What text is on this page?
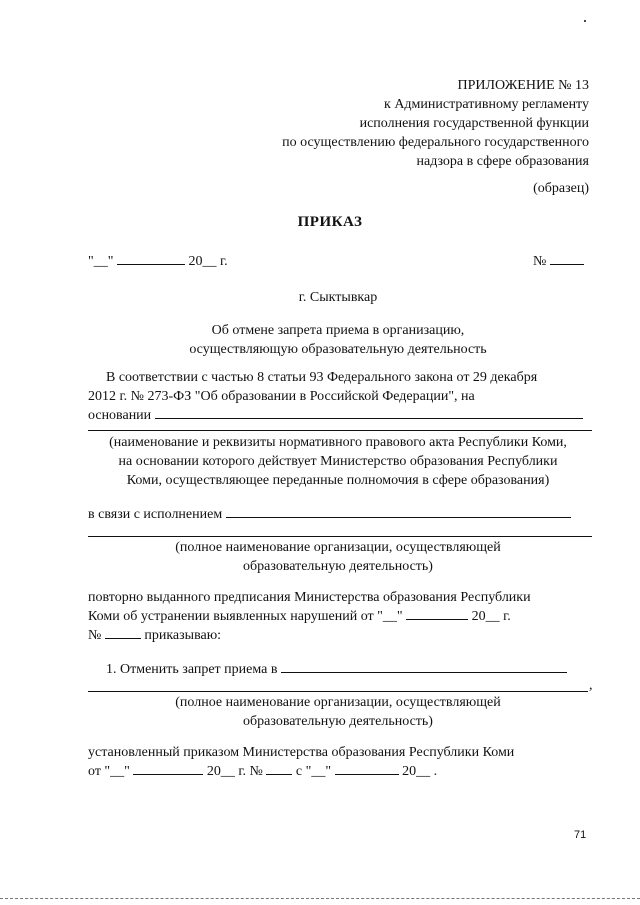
ПРИЛОЖЕНИЕ № 13
к Административному регламенту
исполнения государственной функции
по осуществлению федерального государственного
надзора в сфере образования
(образец)
ПРИКАЗ
"__"	20__ г.	№
г. Сыктывкар
Об отмене запрета приема в организацию,
осуществляющую образовательную деятельность
В соответствии с частью 8 статьи 93 Федерального закона от 29 декабря
2012 г. № 273-ФЗ "Об образовании в Российской Федерации", на
основании
(наименование и реквизиты нормативного правового акта Республики Коми,
на основании которого действует Министерство образования Республики
Коми, осуществляющее переданные полномочия в сфере образования)
в связи с исполнением
(полное наименование организации, осуществляющей
образовательную деятельность)
повторно выданного предписания Министерства образования Республики
Коми об устранении выявленных нарушений от "__"	20__ г.
№	приказываю:
1. Отменить запрет приема в
,
(полное наименование организации, осуществляющей
образовательную деятельность)
установленный приказом Министерства образования Республики Коми
от "__"	20__ г. № с "__"	20__ .
71
